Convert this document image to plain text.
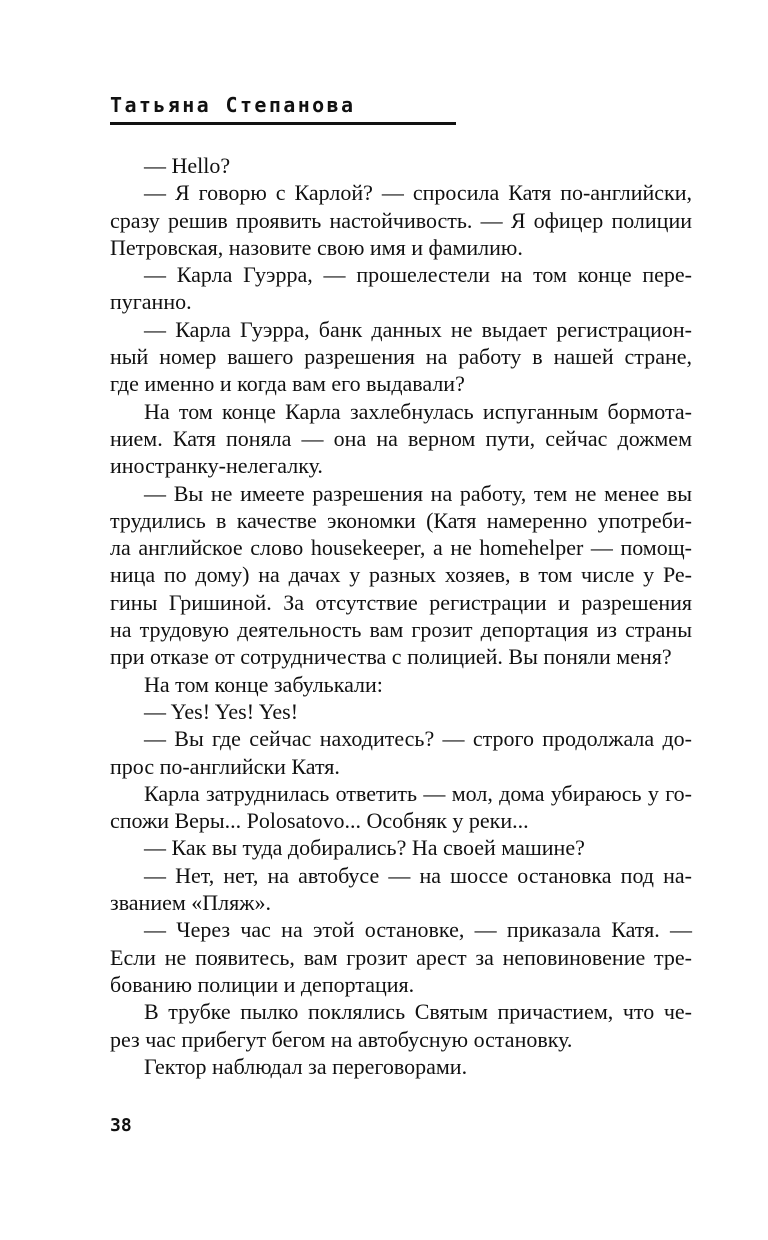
Татьяна Степанова
— Hello?
— Я говорю с Карлой? — спросила Катя по-английски,
сразу решив проявить настойчивость. — Я офицер полиции
Петровская, назовите свою имя и фамилию.
— Карла Гуэрра, — прошелестели на том конце пере-
пуганно.
— Карла Гуэрра, банк данных не выдает регистрацион-
ный номер вашего разрешения на работу в нашей стране,
где именно и когда вам его выдавали?
На том конце Карла захлебнулась испуганным бормота-
нием. Катя поняла — она на верном пути, сейчас дожмем
иностранку-нелегалку.
— Вы не имеете разрешения на работу, тем не менее вы
трудились в качестве экономки (Катя намеренно употреби-
ла английское слово housekeeper, а не homehelper — помощ-
ница по дому) на дачах у разных хозяев, в том числе у Ре-
гины Гришиной. За отсутствие регистрации и разрешения
на трудовую деятельность вам грозит депортация из страны
при отказе от сотрудничества с полицией. Вы поняли меня?
На том конце забулькали:
— Yes! Yes! Yes!
— Вы где сейчас находитесь? — строго продолжала до-
прос по-английски Катя.
Карла затруднилась ответить — мол, дома убираюсь у го-
спожи Веры... Polosatovo... Особняк у реки...
— Как вы туда добирались? На своей машине?
— Нет, нет, на автобусе — на шоссе остановка под на-
званием «Пляж».
— Через час на этой остановке, — приказала Катя. —
Если не появитесь, вам грозит арест за неповиновение тре-
бованию полиции и депортация.
В трубке пылко поклялись Святым причастием, что че-
рез час прибегут бегом на автобусную остановку.
Гектор наблюдал за переговорами.
38
